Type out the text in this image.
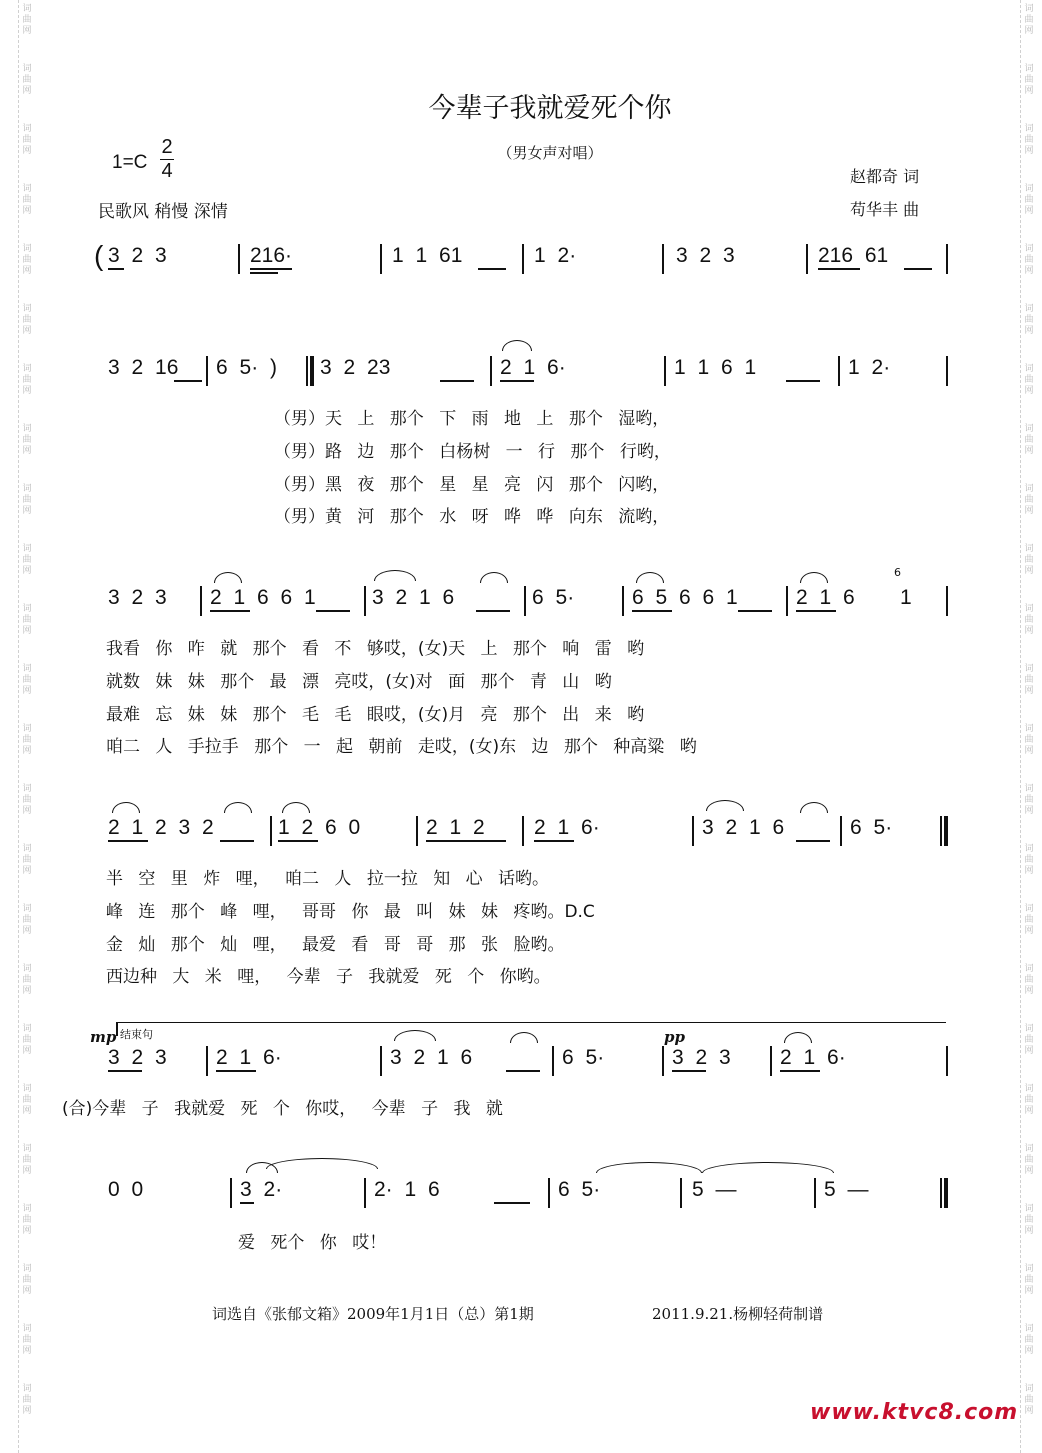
词
曲
网
词
曲
网
词
曲
网
词
曲
网
词
曲
网
词
曲
网
词
曲
网
词
曲
网
词
曲
网
词
曲
网
词
曲
网
词
曲
网
词
曲
网
词
曲
网
词
曲
网
词
曲
网
词
曲
网
词
曲
网
词
曲
网
词
曲
网
词
曲
网
词
曲
网
词
曲
网
词
曲
网
词
曲
网
词
曲
网
词
曲
网
词
曲
网
词
曲
网
词
曲
网
词
曲
网
词
曲
网
词
曲
网
词
曲
网
词
曲
网
词
曲
网
词
曲
网
词
曲
网
词
曲
网
词
曲
网
词
曲
网
词
曲
网
词
曲
网
词
曲
网
词
曲
网
词
曲
网
词
曲
网
词
曲
网
今辈子我就爱死个你
（男女声对唱）
1=C
2
4
民歌风 稍慢 深情
赵都奇 词
苟华丰 曲
( 3 2 3	216·	1 1 61	1 2·	3 2 3	216 61
3 2 16 6 5· ) 3 2 23	2 1 6·	1 1 6 1	1 2·
（男）天 上 那个 下 雨 地 上 那个 湿哟，
（男）路 边 那个 白杨树 一 行 那个 行哟，
（男）黑 夜 那个 星 星 亮 闪 那个 闪哟，
（男）黄 河 那个 水 呀 哗 哗 向东 流哟，
3 2 3 2 1 6 6 1	3 2 1 6	6 5·	6 5 6 6 1	2 1 6
6
1
我看 你 咋 就 那个 看 不 够哎，(女)天 上 那个 响 雷 哟
就数 妹 妹 那个 最 漂 亮哎，(女)对 面 那个 青 山 哟
最难 忘 妹 妹 那个 毛 毛 眼哎，(女)月 亮 那个 出 来 哟
咱二 人 手拉手 那个 一 起 朝前 走哎，(女)东 边 那个 种高粱 哟
2 1 2 3 2	1 2 6 0	2 1 2 2 1 6·	3 2 1 6	6 5·
半 空 里 炸 哩， 咱二 人 拉一拉 知 心 话哟。
峰 连 那个 峰 哩， 哥哥 你 最 叫 妹 妹 疼哟。D.C
金 灿 那个 灿 哩， 最爱 看 哥 哥 那 张 脸哟。
西边种 大 米 哩， 今辈 子 我就爱 死 个 你哟。
结束句
mp
3 2 3 2 1 6·	3 2 1 6	6 5·
pp
3 2 3 2 1 6·
(合)今辈 子 我就爱 死 个 你哎， 今辈 子 我 就
0 0	3 2·	2· 1 6	6 5·	5 —	5 —
爱 死个 你 哎！
词选自《张郁文箱》2009年1月1日（总）第1期	2011.9.21.杨柳轻荷制谱
www.ktvc8.com
